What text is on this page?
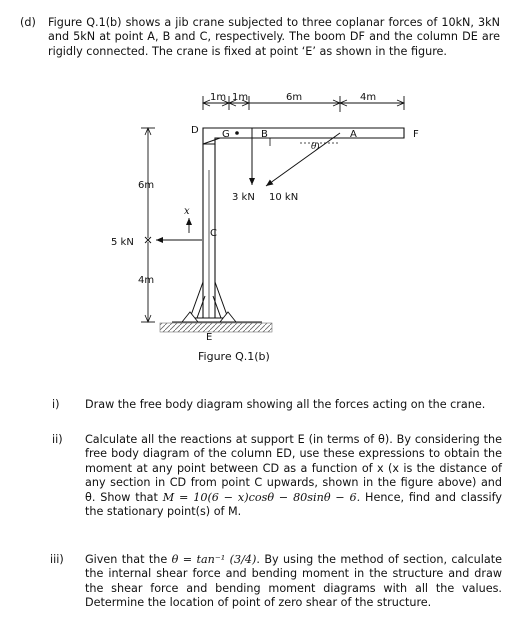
(d) Figure Q.1(b) shows a jib crane subjected to three coplanar forces of 10kN, 3kN and 5kN at point A, B and C, respectively. The boom DF and the column DE are rigidly connected. The crane is fixed at point ‘E’ as shown in the figure.
1m 1m	6m	4m
D G	B	A	F
3 kN
θ
10 kN
6m
4m
5 kN
x
C
E
Figure Q.1(b)
i) Draw the free body diagram showing all the forces acting on the crane.
ii) Calculate all the reactions at support E (in terms of θ). By considering the free body diagram of the column ED, use these expressions to obtain the moment at any point between CD as a function of x (x is the distance of any section in CD from point C upwards, shown in the figure above) and θ. Show that M = 10(6 − x)cosθ − 80sinθ − 6. Hence, find and classify the stationary point(s) of M.
iii) Given that the θ = tan⁻¹ (3/4). By using the method of section, calculate the internal shear force and bending moment in the structure and draw the shear force and bending moment diagrams with all the values. Determine the location of point of zero shear of the structure.
